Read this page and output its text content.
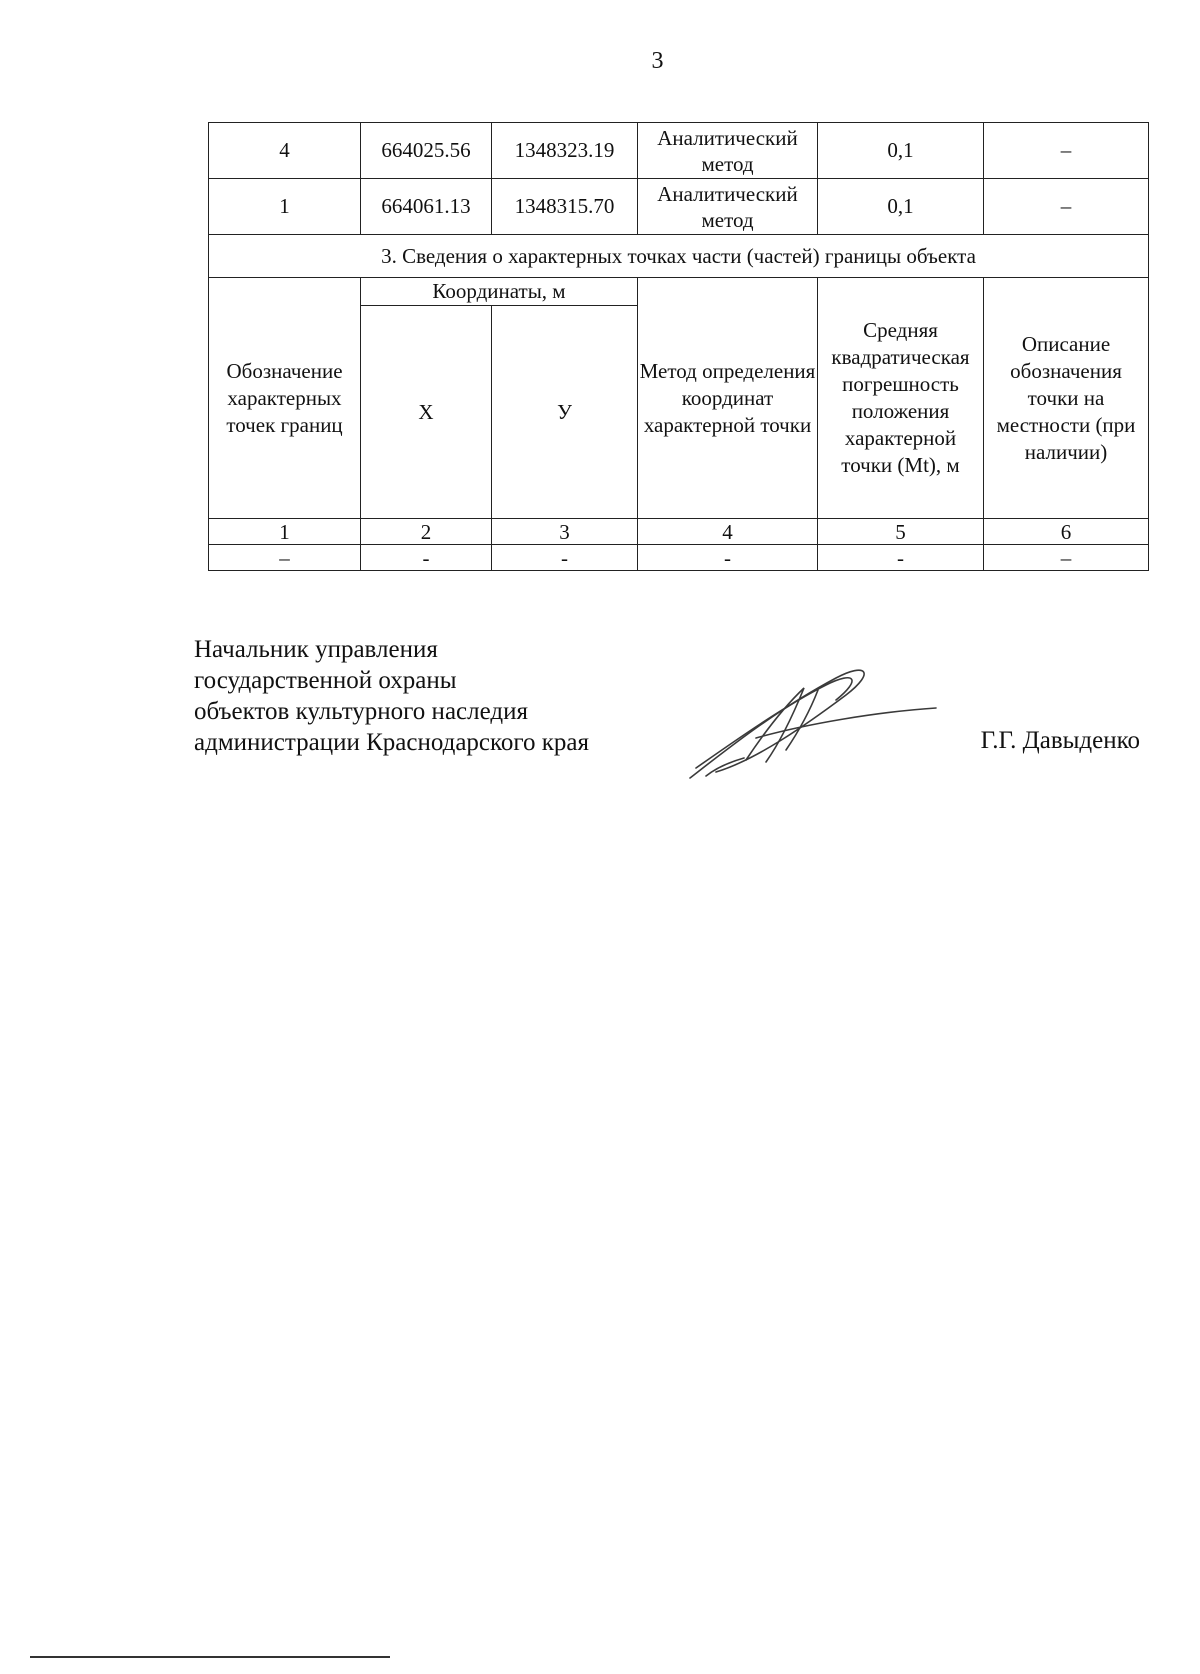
3
4	664025.56	1348323.19	Аналитический метод	0,1	–
1	664061.13	1348315.70	Аналитический метод	0,1	–
3. Сведения о характерных точках части (частей) границы объекта					
Обозначение характерных точек границ	Координаты, м		Метод определения координат характерной точки	Средняя квадратическая погрешность положения характерной точки (Mt), м	Описание обозначения точки на местности (при наличии)
	Х	У			
1	2	3	4	5	6
–	-	-	-	-	–
Начальник управления
государственной охраны
объектов культурного наследия
администрации Краснодарского края	Г.Г. Давыденко
